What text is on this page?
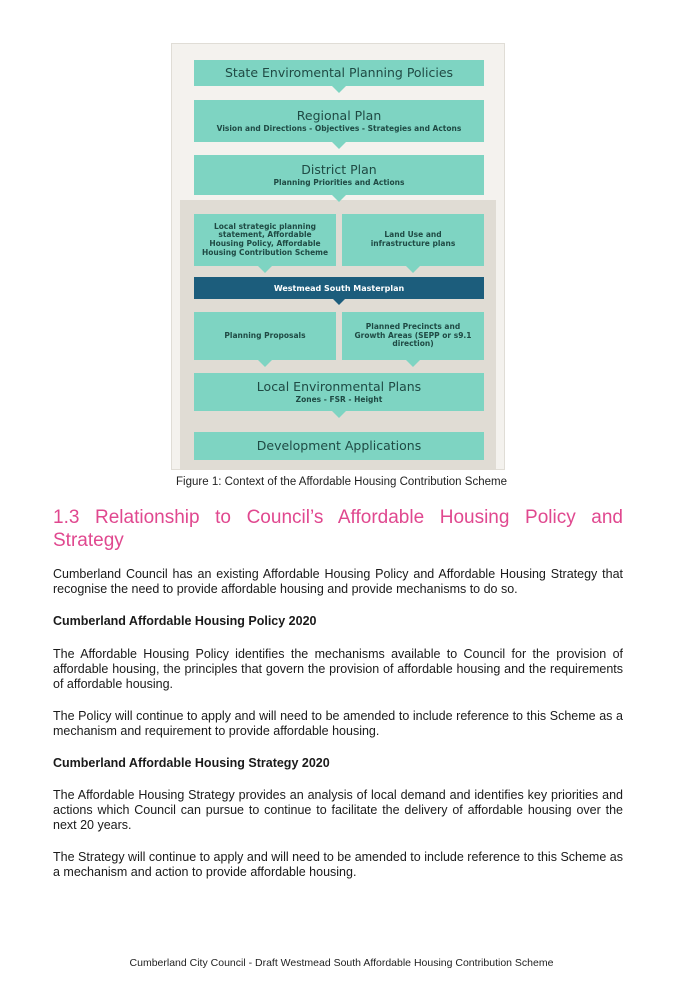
State Enviromental Planning Policies
Regional Plan
Vision and Directions - Objectives - Strategies and Actons
District Plan
Planning Priorities and Actions
Local strategic planning statement, Affordable Housing Policy, Affordable Housing Contribution Scheme
Land Use and infrastructure plans
Westmead South Masterplan
Planning Proposals
Planned Precincts and Growth Areas (SEPP or s9.1 direction)
Local Environmental Plans
Zones - FSR - Height
Development Applications
Figure 1: Context of the Affordable Housing Contribution Scheme
1.3 Relationship to Council’s Affordable Housing Policy and Strategy

Cumberland Council has an existing Affordable Housing Policy and Affordable Housing Strategy that recognise the need to provide affordable housing and provide mechanisms to do so.

Cumberland Affordable Housing Policy 2020

The Affordable Housing Policy identifies the mechanisms available to Council for the provision of affordable housing, the principles that govern the provision of affordable housing and the requirements of affordable housing.

The Policy will continue to apply and will need to be amended to include reference to this Scheme as a mechanism and requirement to provide affordable housing.

Cumberland Affordable Housing Strategy 2020

The Affordable Housing Strategy provides an analysis of local demand and identifies key priorities and actions which Council can pursue to continue to facilitate the delivery of affordable housing over the next 20 years.

The Strategy will continue to apply and will need to be amended to include reference to this Scheme as a mechanism and action to provide affordable housing.

Cumberland City Council - Draft Westmead South Affordable Housing Contribution Scheme
